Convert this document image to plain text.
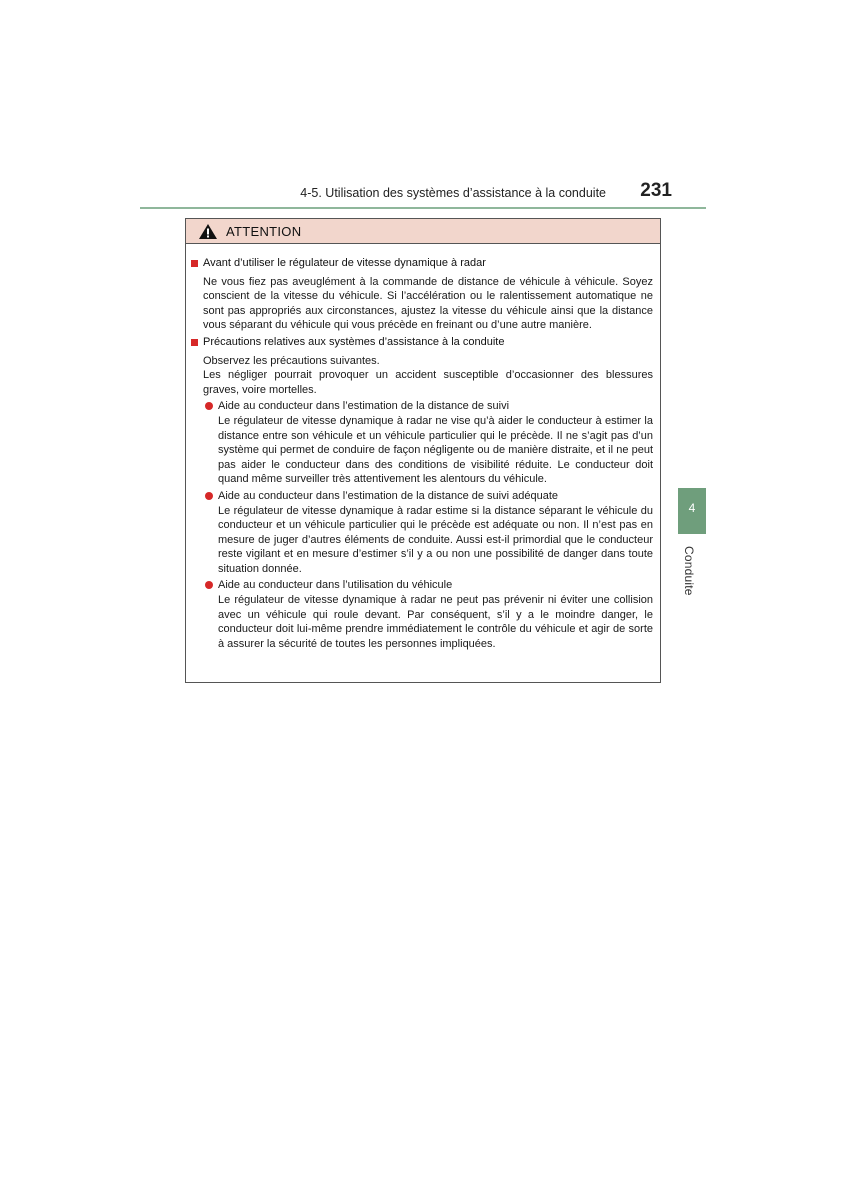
4-5. Utilisation des systèmes d’assistance à la conduite	231
4
Conduite
ATTENTION
Avant d’utiliser le régulateur de vitesse dynamique à radar
Ne vous fiez pas aveuglément à la commande de distance de véhicule à véhicule. Soyez conscient de la vitesse du véhicule. Si l’accélération ou le ralentissement automatique ne sont pas appropriés aux circonstances, ajustez la vitesse du véhicule ainsi que la distance vous séparant du véhicule qui vous précède en freinant ou d’une autre manière.
Précautions relatives aux systèmes d’assistance à la conduite
Observez les précautions suivantes.
Les négliger pourrait provoquer un accident susceptible d’occasionner des blessures graves, voire mortelles.
Aide au conducteur dans l’estimation de la distance de suivi
Le régulateur de vitesse dynamique à radar ne vise qu’à aider le conducteur à estimer la distance entre son véhicule et un véhicule particulier qui le précède. Il ne s’agit pas d’un système qui permet de conduire de façon négligente ou de manière distraite, et il ne peut pas aider le conducteur dans des conditions de visibilité réduite. Le conducteur doit quand même surveiller très attentivement les alentours du véhicule.
Aide au conducteur dans l’estimation de la distance de suivi adéquate
Le régulateur de vitesse dynamique à radar estime si la distance séparant le véhicule du conducteur et un véhicule particulier qui le précède est adéquate ou non. Il n’est pas en mesure de juger d’autres éléments de conduite. Aussi est-il primordial que le conducteur reste vigilant et en mesure d’estimer s’il y a ou non une possibilité de danger dans toute situation donnée.
Aide au conducteur dans l’utilisation du véhicule
Le régulateur de vitesse dynamique à radar ne peut pas prévenir ni éviter une collision avec un véhicule qui roule devant. Par conséquent, s’il y a le moindre danger, le conducteur doit lui-même prendre immédiatement le contrôle du véhicule et agir de sorte à assurer la sécurité de toutes les personnes impliquées.
